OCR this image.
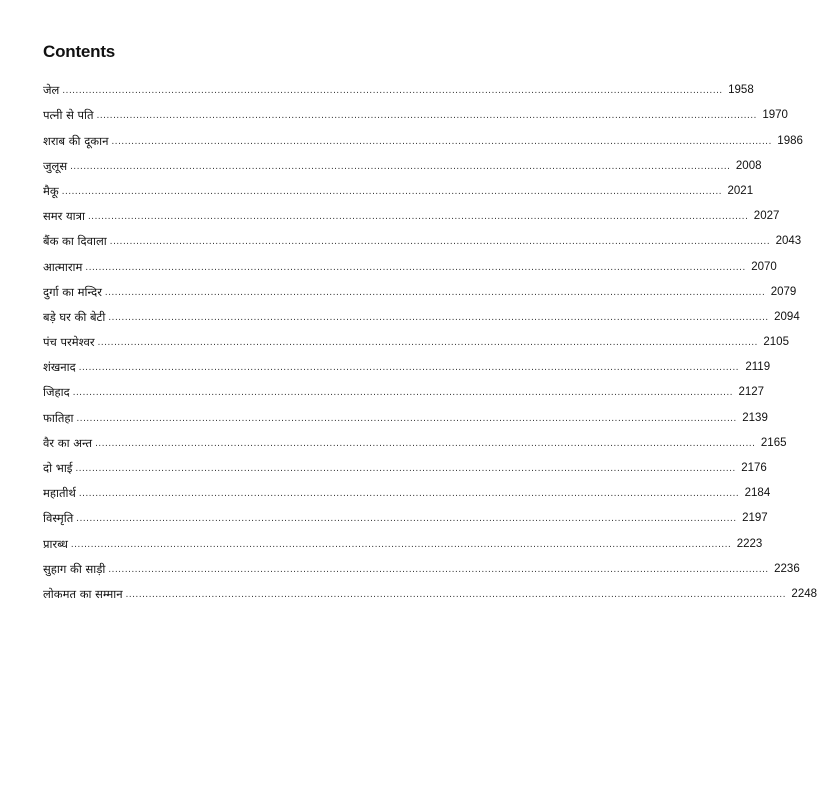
Contents
जेल ........................................................................................................................................................................................................ 1958
पत्नी से पति ........................................................................................................................................................................................................ 1970
शराब की दूकान ........................................................................................................................................................................................................ 1986
जुलूस ........................................................................................................................................................................................................ 2008
मैकू ........................................................................................................................................................................................................ 2021
समर यात्रा ........................................................................................................................................................................................................ 2027
बैंक का दिवाला ........................................................................................................................................................................................................ 2043
आत्माराम ........................................................................................................................................................................................................ 2070
दुर्गा का मन्दिर ........................................................................................................................................................................................................ 2079
बड़े घर की बेटी ........................................................................................................................................................................................................ 2094
पंच परमेश्वर ........................................................................................................................................................................................................ 2105
शंखनाद ........................................................................................................................................................................................................ 2119
जिहाद ........................................................................................................................................................................................................ 2127
फातिहा ........................................................................................................................................................................................................ 2139
वैर का अन्त ........................................................................................................................................................................................................ 2165
दो भाई ........................................................................................................................................................................................................ 2176
महातीर्थ ........................................................................................................................................................................................................ 2184
विस्मृति ........................................................................................................................................................................................................ 2197
प्रारब्ध ........................................................................................................................................................................................................ 2223
सुहाग की साड़ी ........................................................................................................................................................................................................ 2236
लोकमत का सम्मान ........................................................................................................................................................................................................ 2248
